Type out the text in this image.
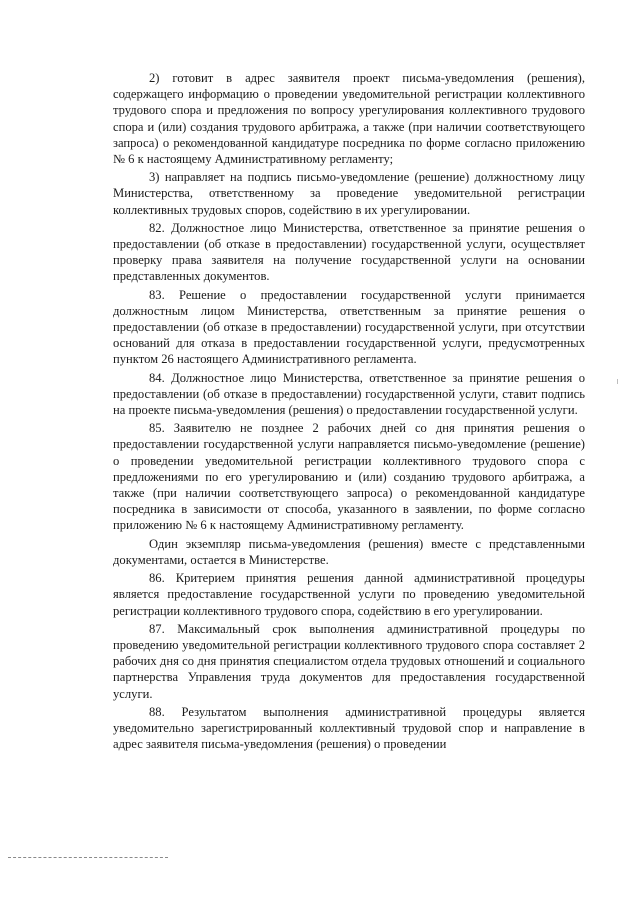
2) готовит в адрес заявителя проект письма-уведомления (решения), содержащего информацию о проведении уведомительной регистрации коллективного трудового спора и предложения по вопросу урегулирования коллективного трудового спора и (или) создания трудового арбитража, а также (при наличии соответствующего запроса) о рекомендованной кандидатуре посредника по форме согласно приложению № 6 к настоящему Административному регламенту;

3) направляет на подпись письмо-уведомление (решение) должностному лицу Министерства, ответственному за проведение уведомительной регистрации коллективных трудовых споров, содействию в их урегулировании.

82. Должностное лицо Министерства, ответственное за принятие решения о предоставлении (об отказе в предоставлении) государственной услуги, осуществляет проверку права заявителя на получение государственной услуги на основании представленных документов.

83. Решение о предоставлении государственной услуги принимается должностным лицом Министерства, ответственным за принятие решения о предоставлении (об отказе в предоставлении) государственной услуги, при отсутствии оснований для отказа в предоставлении государственной услуги, предусмотренных пунктом 26 настоящего Административного регламента.

84. Должностное лицо Министерства, ответственное за принятие решения о предоставлении (об отказе в предоставлении) государственной услуги, ставит подпись на проекте письма-уведомления (решения) о предоставлении государственной услуги.

85. Заявителю не позднее 2 рабочих дней со дня принятия решения о предоставлении государственной услуги направляется письмо-уведомление (решение) о проведении уведомительной регистрации коллективного трудового спора с предложениями по его урегулированию и (или) созданию трудового арбитража, а также (при наличии соответствующего запроса) о рекомендованной кандидатуре посредника в зависимости от способа, указанного в заявлении, по форме согласно приложению № 6 к настоящему Административному регламенту.

Один экземпляр письма-уведомления (решения) вместе с представленными документами, остается в Министерстве.

86. Критерием принятия решения данной административной процедуры является предоставление государственной услуги по проведению уведомительной регистрации коллективного трудового спора, содействию в его урегулировании.

87. Максимальный срок выполнения административной процедуры по проведению уведомительной регистрации коллективного трудового спора составляет 2 рабочих дня со дня принятия специалистом отдела трудовых отношений и социального партнерства Управления труда документов для предоставления государственной услуги.

88. Результатом выполнения административной процедуры является уведомительно зарегистрированный коллективный трудовой спор и направление в адрес заявителя письма-уведомления (решения) о проведении
